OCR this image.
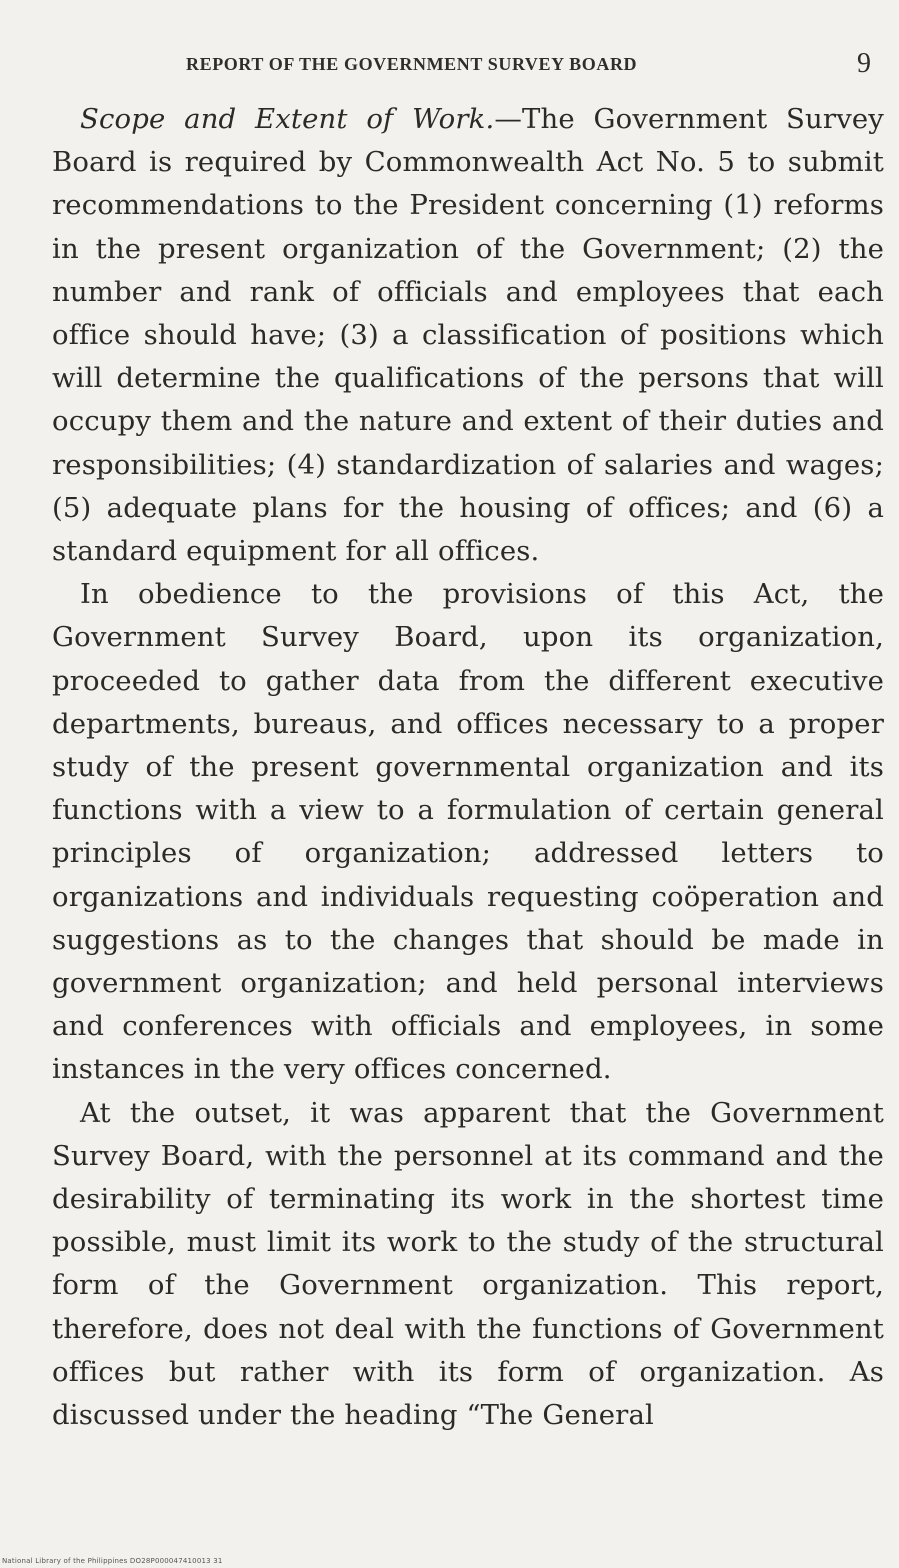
REPORT OF THE GOVERNMENT SURVEY BOARD	9

Scope and Extent of Work.—The Government Survey Board is required by Commonwealth Act No. 5 to submit recommendations to the President concerning (1) reforms in the present organization of the Government; (2) the number and rank of officials and employees that each office should have; (3) a classification of positions which will determine the qualifications of the persons that will occupy them and the nature and extent of their duties and responsibilities; (4) standardization of salaries and wages; (5) adequate plans for the housing of offices; and (6) a standard equipment for all offices.

In obedience to the provisions of this Act, the Government Survey Board, upon its organization, proceeded to gather data from the different executive departments, bureaus, and offices necessary to a proper study of the present governmental organization and its functions with a view to a formulation of certain general principles of organization; addressed letters to organizations and individuals requesting coöperation and suggestions as to the changes that should be made in government organization; and held personal interviews and conferences with officials and employees, in some instances in the very offices concerned.

At the outset, it was apparent that the Government Survey Board, with the personnel at its command and the desirability of terminating its work in the shortest time possible, must limit its work to the study of the structural form of the Government organization. This report, therefore, does not deal with the functions of Government offices but rather with its form of organization. As discussed under the heading “The General

National Library of the Philippines DO28P000047410013 31
